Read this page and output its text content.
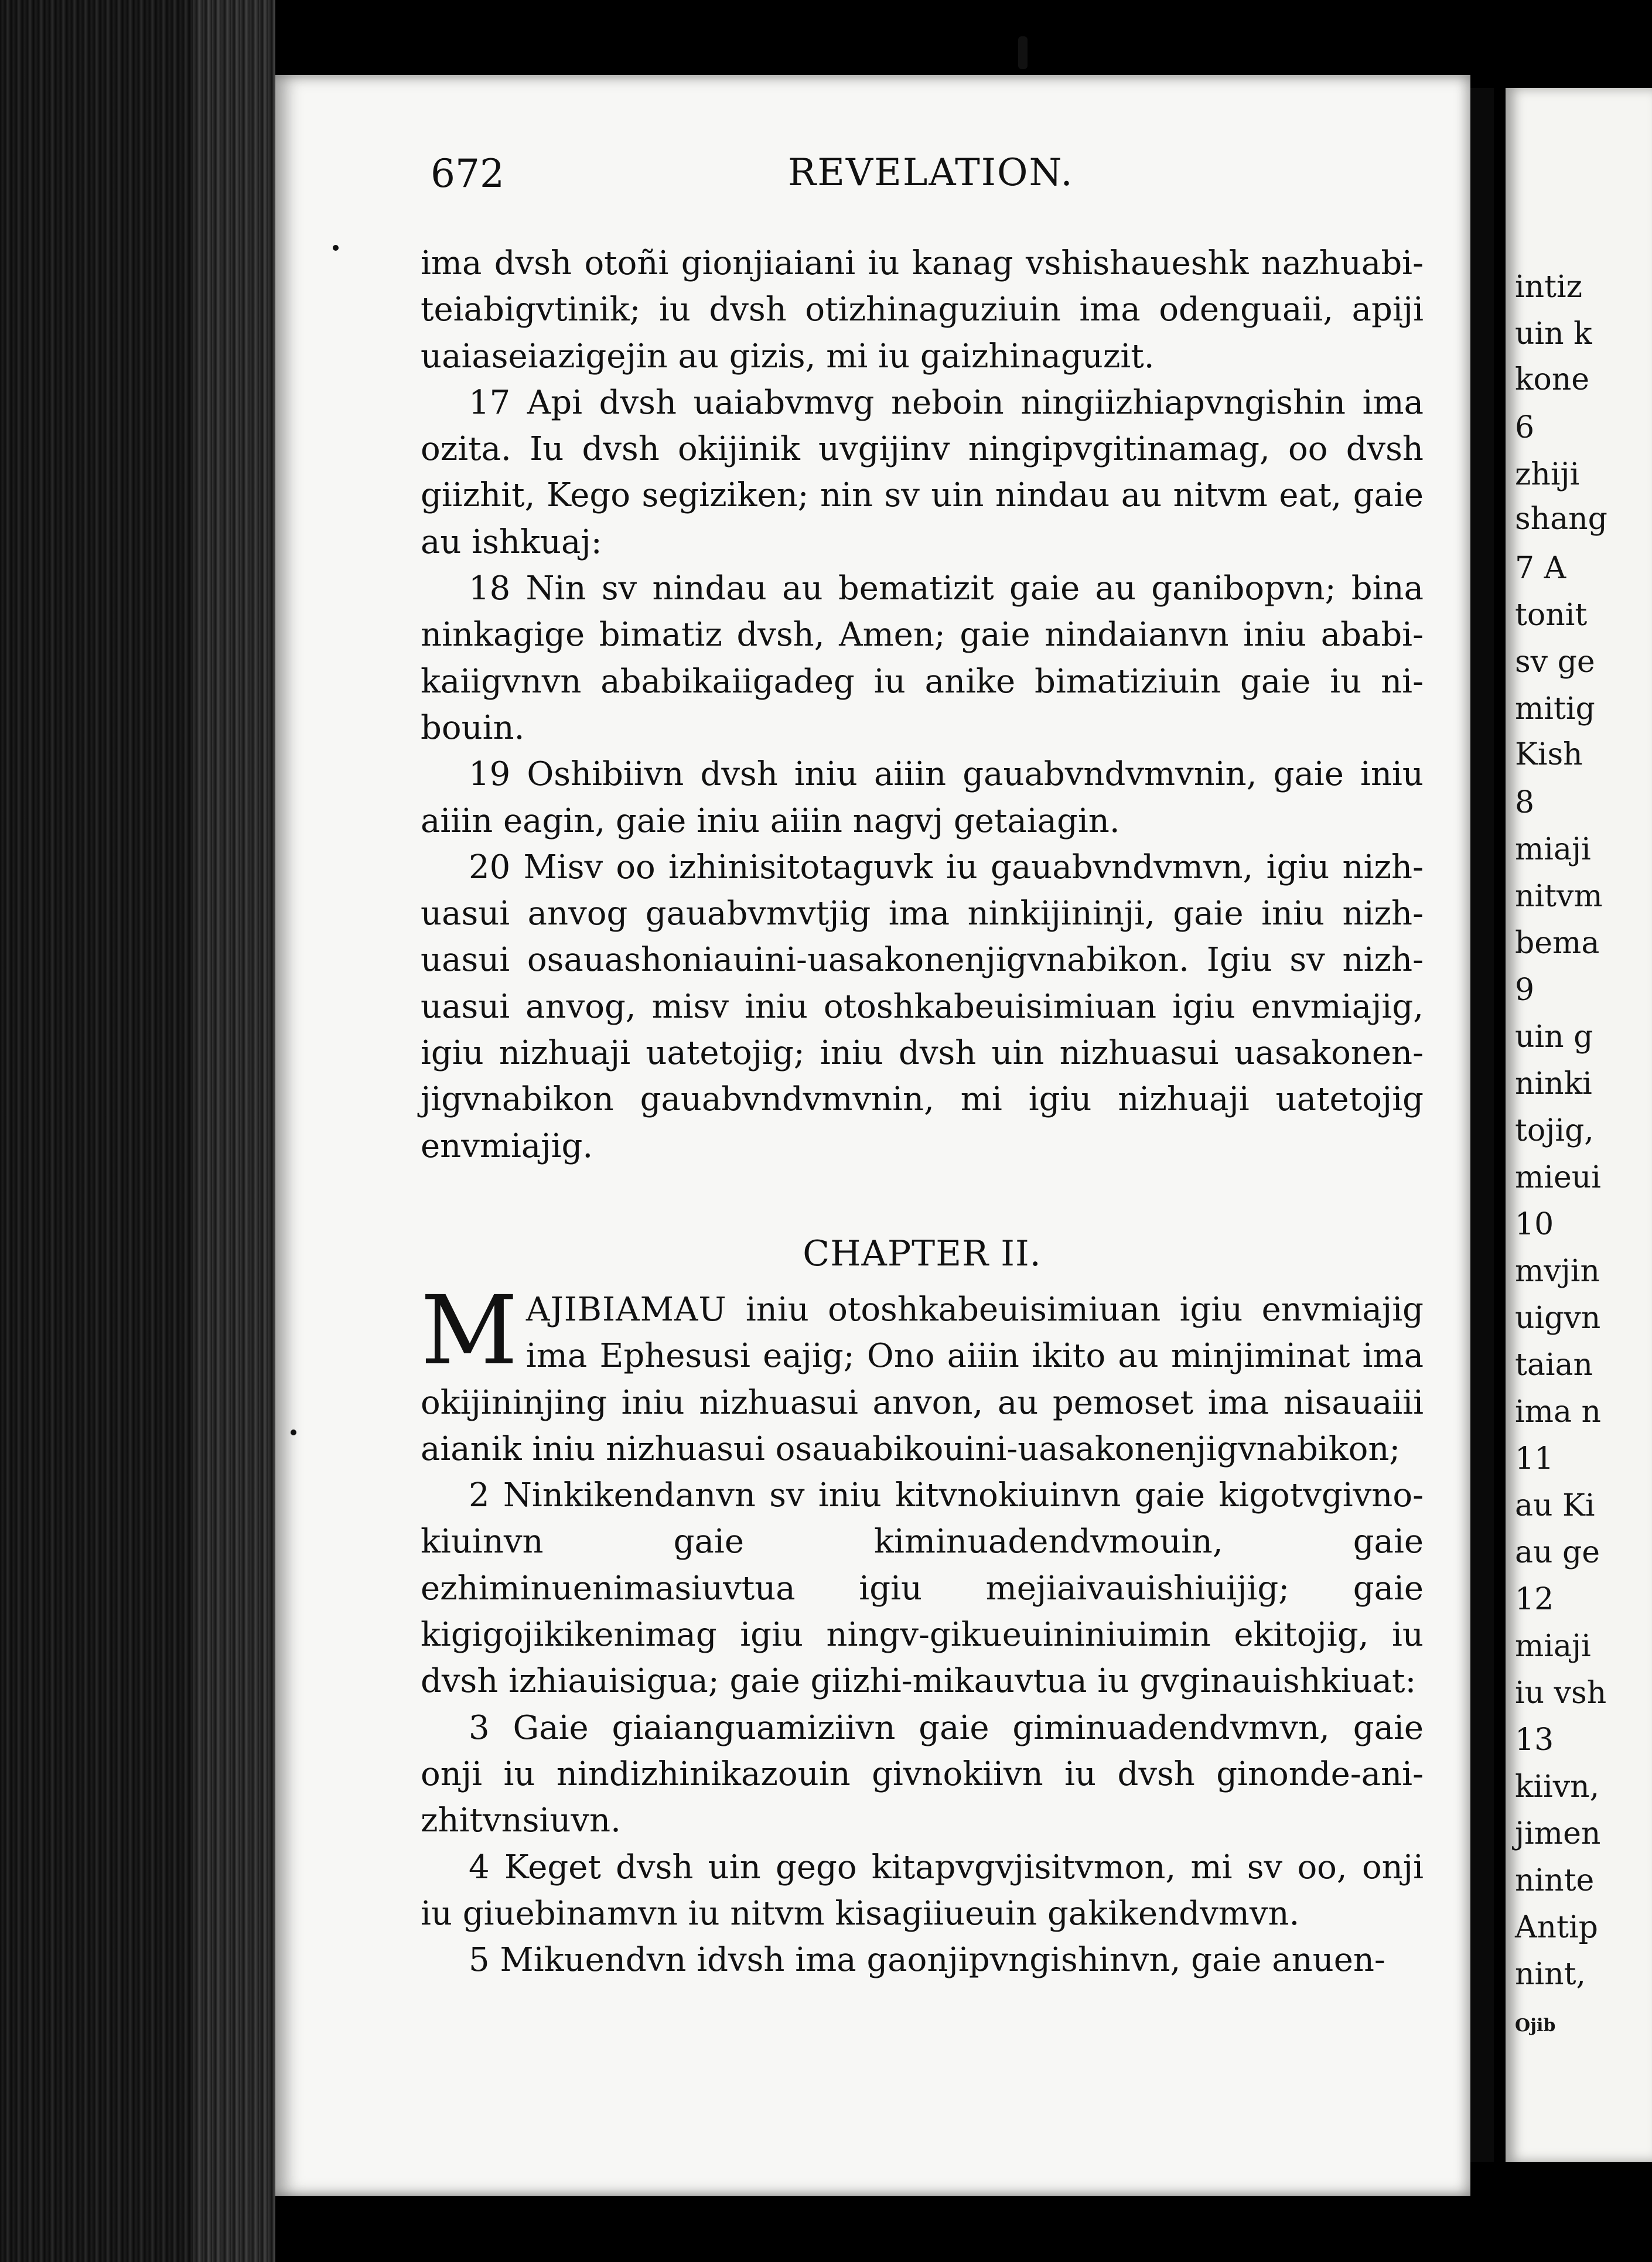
672	REVELATION.

ima dvsh otoñi gionjiaiani iu kanag vshishaueshk nazhuabi-teiabigvtinik; iu dvsh otizhinaguziuin ima odenguaii, apiji uaiaseiazigejin au gizis, mi iu gaizhinaguzit.

17 Api dvsh uaiabvmvg neboin ningiizhiapvngishin ima ozita. Iu dvsh okijinik uvgijinv ningipvgitinamag, oo dvsh giizhit, Kego segiziken; nin sv uin nindau au nitvm eat, gaie au ishkuaj:

18 Nin sv nindau au bematizit gaie au ganibopvn; bina ninkagige bimatiz dvsh, Amen; gaie nindaianvn iniu ababi-kaiigvnvn ababikaiigadeg iu anike bimatiziuin gaie iu ni-bouin.

19 Oshibiivn dvsh iniu aiiin gauabvndvmvnin, gaie iniu aiiin eagin, gaie iniu aiiin nagvj getaiagin.

20 Misv oo izhinisitotaguvk iu gauabvndvmvn, igiu nizh-uasui anvog gauabvmvtjig ima ninkijininji, gaie iniu nizh-uasui osauashoniauini-uasakonenjigvnabikon. Igiu sv nizh-uasui anvog, misv iniu otoshkabeuisimiuan igiu envmiajig, igiu nizhuaji uatetojig; iniu dvsh uin nizhuasui uasakonen-jigvnabikon gauabvndvmvnin, mi igiu nizhuaji uatetojig envmiajig.

CHAPTER II.

MAJIBIAMAU iniu otoshkabeuisimiuan igiu envmiajig ima Ephesusi eajig; Ono aiiin ikito au minjiminat ima okijininjing iniu nizhuasui anvon, au pemoset ima nisauaiii aianik iniu nizhuasui osauabikouini-uasakonenjigvnabikon;

2 Ninkikendanvn sv iniu kitvnokiuinvn gaie kigotvgivno-kiuinvn gaie kiminuadendvmouin, gaie ezhiminuenimasiuvtua igiu mejiaivauishiuijig; gaie kigigojikikenimag igiu ningv-gikueuininiuimin ekitojig, iu dvsh izhiauisigua; gaie giizhi-mikauvtua iu gvginauishkiuat:

3 Gaie giaianguamiziivn gaie giminuadendvmvn, gaie onji iu nindizhinikazouin givnokiivn iu dvsh ginonde-ani-zhitvnsiuvn.

4 Keget dvsh uin gego kitapvgvjisitvmon, mi sv oo, onji iu giuebinamvn iu nitvm kisagiiueuin gakikendvmvn.

5 Mikuendvn idvsh ima gaonjipvngishinvn, gaie anuen-

intiz
uin k
kone
6
zhiji
shang
7 A
tonit
sv ge
mitig
Kish
8
miaji
nitvm
bema
9
uin g
ninki
tojig,
mieui
10
mvjin
uigvn
taian
ima n
11
au Ki
au ge
12
miaji
iu vsh
13
kiivn,
jimen
ninte
Antip
nint,
Ojib
